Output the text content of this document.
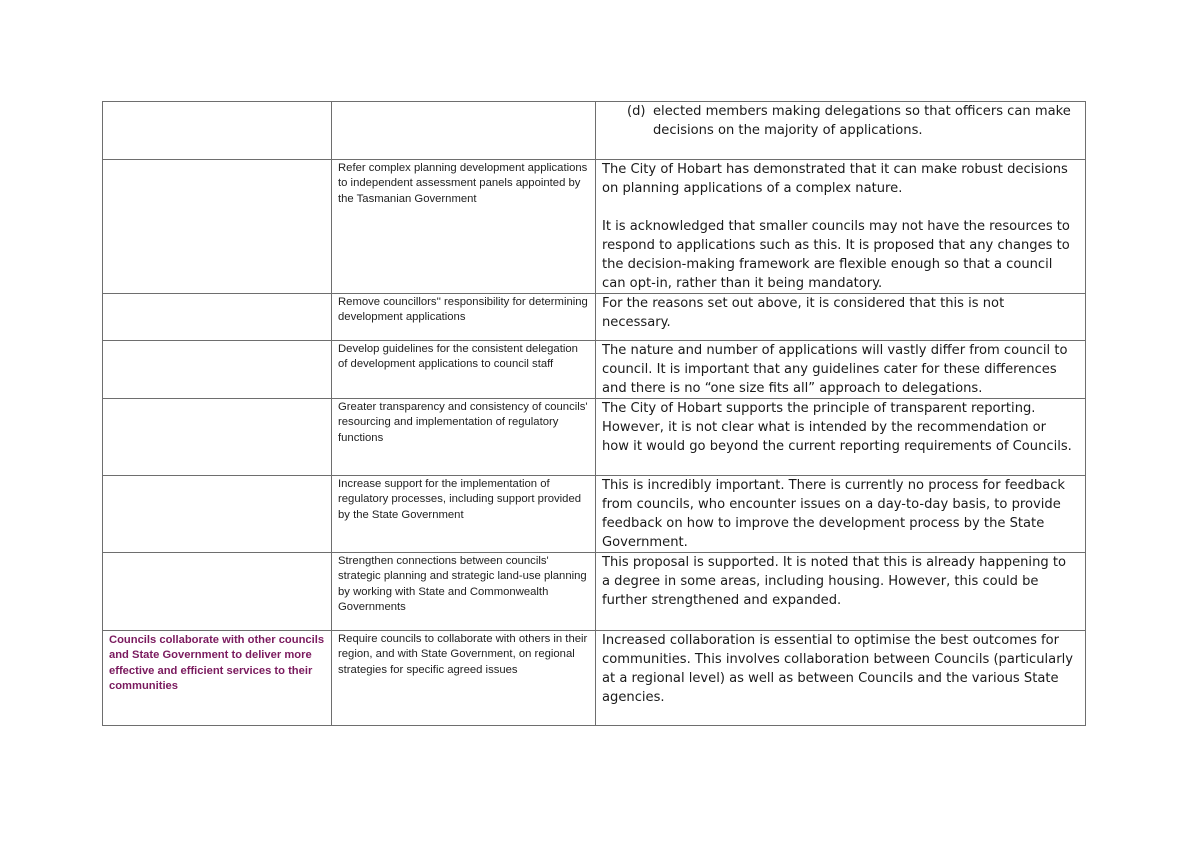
		(d) elected members making delegations so that officers can make decisions on the majority of applications.

	Refer complex planning development applications to independent assessment panels appointed by the Tasmanian Government	The City of Hobart has demonstrated that it can make robust decisions on planning applications of a complex nature.

It is acknowledged that smaller councils may not have the resources to respond to applications such as this. It is proposed that any changes to the decision-making framework are flexible enough so that a council can opt-in, rather than it being mandatory.

	Remove councillors'' responsibility for determining development applications	For the reasons set out above, it is considered that this is not necessary.

	Develop guidelines for the consistent delegation of development applications to council staff	The nature and number of applications will vastly differ from council to council. It is important that any guidelines cater for these differences and there is no “one size fits all” approach to delegations.

	Greater transparency and consistency of councils' resourcing and implementation of regulatory functions	The City of Hobart supports the principle of transparent reporting. However, it is not clear what is intended by the recommendation or how it would go beyond the current reporting requirements of Councils.

	Increase support for the implementation of regulatory processes, including support provided by the State Government	This is incredibly important. There is currently no process for feedback from councils, who encounter issues on a day-to-day basis, to provide feedback on how to improve the development process by the State Government.

	Strengthen connections between councils' strategic planning and strategic land-use planning by working with State and Commonwealth Governments	This proposal is supported. It is noted that this is already happening to a degree in some areas, including housing. However, this could be further strengthened and expanded.

Councils collaborate with other councils and State Government to deliver more effective and efficient services to their communities	Require councils to collaborate with others in their region, and with State Government, on regional strategies for specific agreed issues	Increased collaboration is essential to optimise the best outcomes for communities. This involves collaboration between Councils (particularly at a regional level) as well as between Councils and the various State agencies.
